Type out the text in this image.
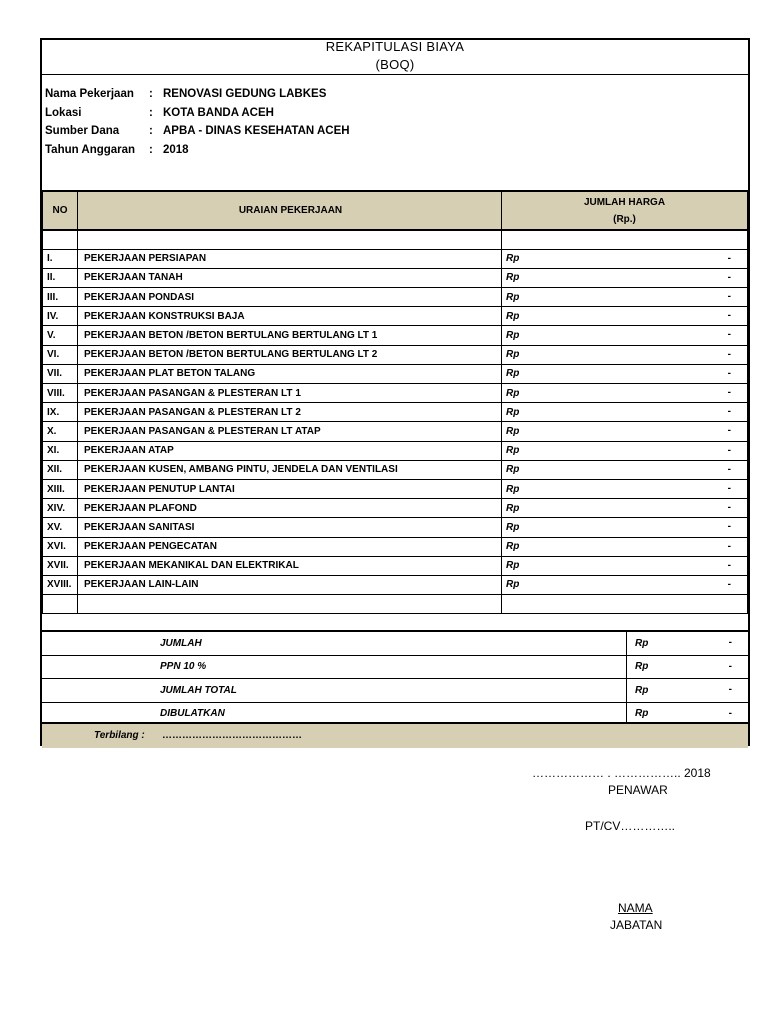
REKAPITULASI BIAYA
(BOQ)
Nama Pekerjaan	: RENOVASI GEDUNG LABKES
Lokasi	: KOTA BANDA ACEH
Sumber Dana	: APBA - DINAS KESEHATAN ACEH
Tahun Anggaran	: 2018
NO	URAIAN PEKERJAAN	JUMLAH HARGA
(Rp.)

I.	PEKERJAAN PERSIAPAN	Rp -

II.	PEKERJAAN TANAH	Rp -

III.	PEKERJAAN PONDASI	Rp -

IV.	PEKERJAAN KONSTRUKSI BAJA	Rp -

V.	PEKERJAAN BETON /BETON BERTULANG BERTULANG LT 1	Rp -

VI.	PEKERJAAN BETON /BETON BERTULANG BERTULANG LT 2	Rp -

VII.	PEKERJAAN PLAT BETON TALANG	Rp -

VIII.	PEKERJAAN PASANGAN & PLESTERAN LT 1	Rp -

IX.	PEKERJAAN PASANGAN & PLESTERAN LT 2	Rp -

X.	PEKERJAAN PASANGAN & PLESTERAN LT ATAP	Rp -

XI.	PEKERJAAN ATAP	Rp -

XII.	PEKERJAAN KUSEN, AMBANG PINTU, JENDELA DAN VENTILASI	Rp -

XIII.	PEKERJAAN PENUTUP LANTAI	Rp -

XIV.	PEKERJAAN PLAFOND	Rp -

XV.	PEKERJAAN SANITASI	Rp -

XVI.	PEKERJAAN PENGECATAN	Rp -

XVII.	PEKERJAAN MEKANIKAL DAN ELEKTRIKAL	Rp -

XVIII.	PEKERJAAN LAIN-LAIN	Rp -

JUMLAH	Rp -

PPN 10 %	Rp -

JUMLAH TOTAL	Rp -

DIBULATKAN	Rp -
Terbilang : ……………………………………
……………… . …………….. 2018
PENAWAR
PT/CV…………..
NAMA
JABATAN
